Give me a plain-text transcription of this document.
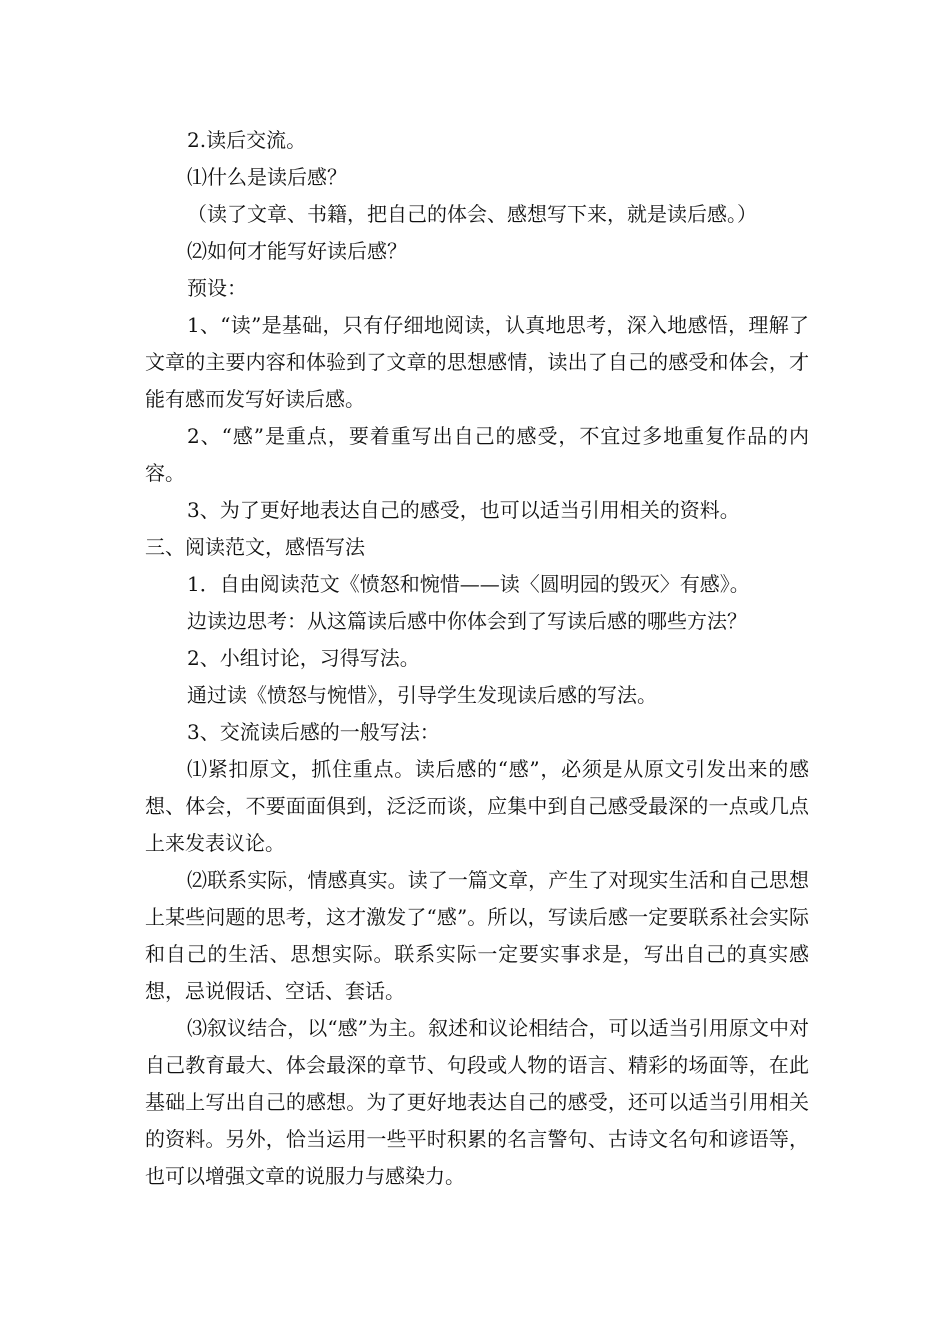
2.读后交流。

⑴什么是读后感？

（读了文章、书籍，把自己的体会、感想写下来，就是读后感。）

⑵如何才能写好读后感？

预设：

1、“读”是基础，只有仔细地阅读，认真地思考，深入地感悟，理解了文章的主要内容和体验到了文章的思想感情，读出了自己的感受和体会，才能有感而发写好读后感。

2、“感”是重点，要着重写出自己的感受，不宜过多地重复作品的内容。

3、为了更好地表达自己的感受，也可以适当引用相关的资料。

三、阅读范文，感悟写法

1．自由阅读范文《愤怒和惋惜——读〈圆明园的毁灭〉有感》。

边读边思考：从这篇读后感中你体会到了写读后感的哪些方法？

2、小组讨论，习得写法。

通过读《愤怒与惋惜》，引导学生发现读后感的写法。

3、交流读后感的一般写法：

⑴紧扣原文，抓住重点。读后感的“感”，必须是从原文引发出来的感想、体会，不要面面俱到，泛泛而谈，应集中到自己感受最深的一点或几点上来发表议论。

⑵联系实际，情感真实。读了一篇文章，产生了对现实生活和自己思想上某些问题的思考，这才激发了“感”。所以，写读后感一定要联系社会实际和自己的生活、思想实际。联系实际一定要实事求是，写出自己的真实感想，忌说假话、空话、套话。

⑶叙议结合，以“感”为主。叙述和议论相结合，可以适当引用原文中对自己教育最大、体会最深的章节、句段或人物的语言、精彩的场面等，在此基础上写出自己的感想。为了更好地表达自己的感受，还可以适当引用相关的资料。另外，恰当运用一些平时积累的名言警句、古诗文名句和谚语等，也可以增强文章的说服力与感染力。
